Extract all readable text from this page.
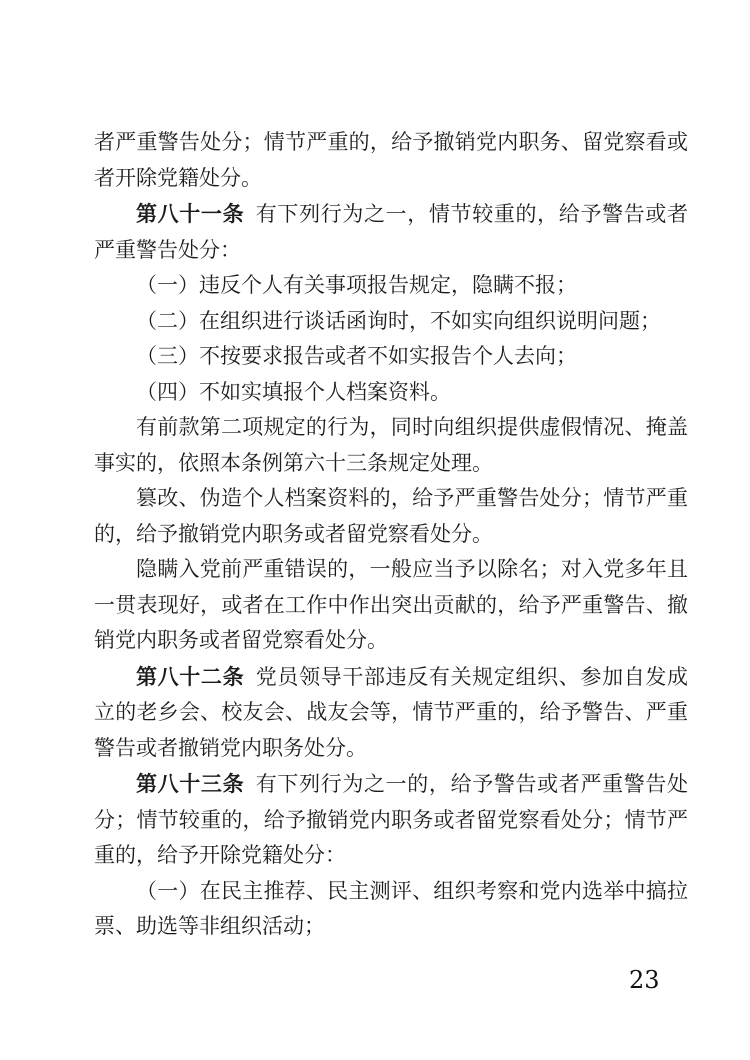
者严重警告处分；情节严重的，给予撤销党内职务、留党察看或者开除党籍处分。

第八十一条 有下列行为之一，情节较重的，给予警告或者严重警告处分：

（一）违反个人有关事项报告规定，隐瞒不报；

（二）在组织进行谈话函询时，不如实向组织说明问题；

（三）不按要求报告或者不如实报告个人去向；

（四）不如实填报个人档案资料。

有前款第二项规定的行为，同时向组织提供虚假情况、掩盖事实的，依照本条例第六十三条规定处理。

篡改、伪造个人档案资料的，给予严重警告处分；情节严重的，给予撤销党内职务或者留党察看处分。

隐瞒入党前严重错误的，一般应当予以除名；对入党多年且一贯表现好，或者在工作中作出突出贡献的，给予严重警告、撤销党内职务或者留党察看处分。

第八十二条 党员领导干部违反有关规定组织、参加自发成立的老乡会、校友会、战友会等，情节严重的，给予警告、严重警告或者撤销党内职务处分。

第八十三条 有下列行为之一的，给予警告或者严重警告处分；情节较重的，给予撤销党内职务或者留党察看处分；情节严重的，给予开除党籍处分：

（一）在民主推荐、民主测评、组织考察和党内选举中搞拉票、助选等非组织活动；

23
